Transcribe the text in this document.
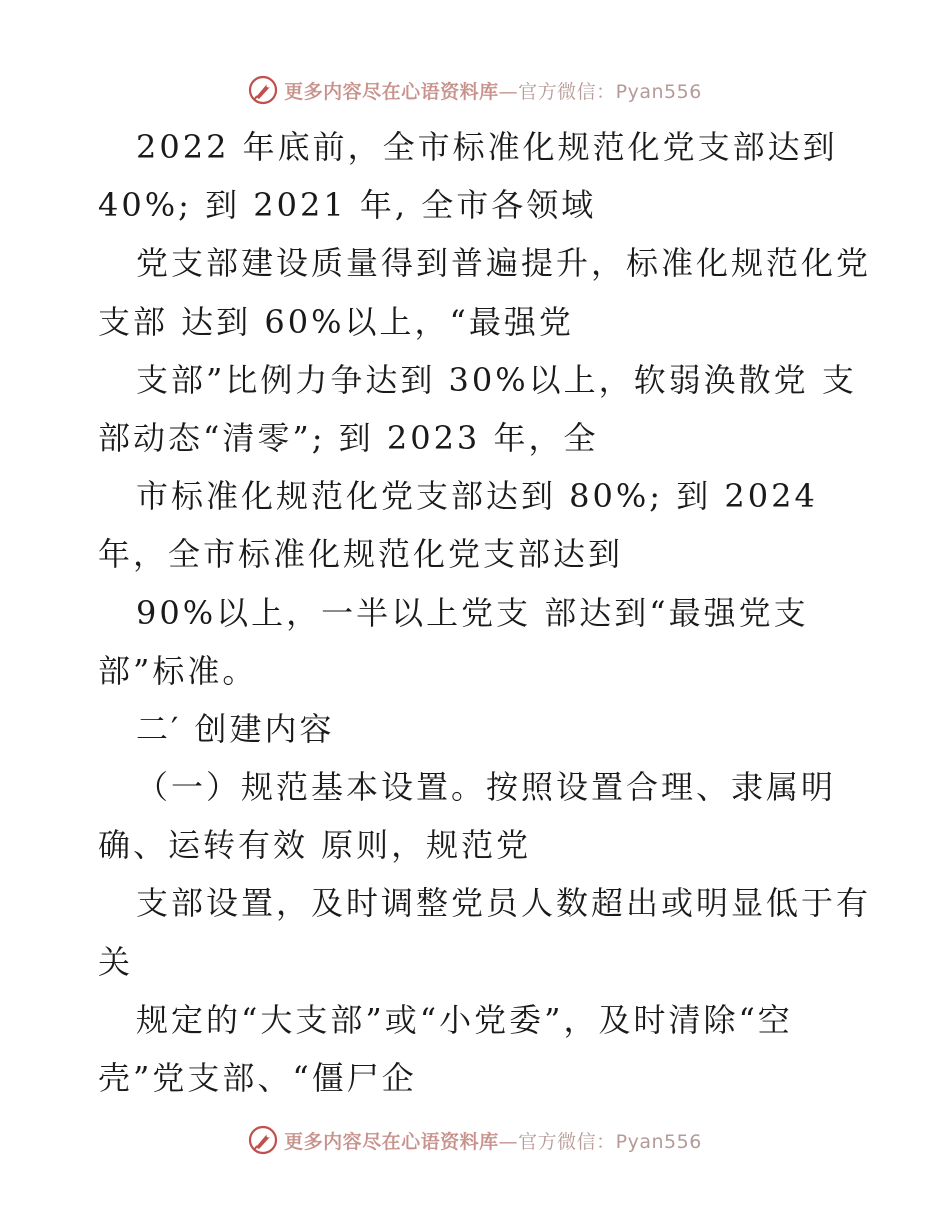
更多内容尽在心语资料库—官方微信：Pyan556
2022 年底前，全市标准化规范化党支部达到
40%; 到 2021 年, 全市各领域
党支部建设质量得到普遍提升，标准化规范化党
支部 达到 60%以上，“最强党
支部”比例力争达到 30%以上，软弱涣散党 支
部动态“清零”; 到 2023 年，全
市标准化规范化党支部达到 80%; 到 2024
年，全市标准化规范化党支部达到
90%以上，一半以上党支 部达到“最强党支
部”标准。
二′ 创建内容
（一）规范基本设置。按照设置合理、隶属明
确、运转有效 原则，规范党
支部设置，及时调整党员人数超出或明显低于有
关
规定的“大支部”或“小党委”，及时清除“空
壳”党支部、“僵尸企
更多内容尽在心语资料库—官方微信：Pyan556
